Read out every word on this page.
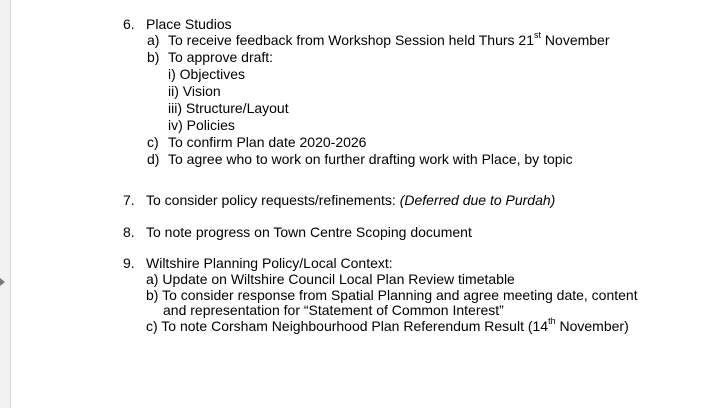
6. Place Studios
a) To receive feedback from Workshop Session held Thurs 21st November
b) To approve draft:
i) Objectives
ii) Vision
iii) Structure/Layout
iv) Policies
c) To confirm Plan date 2020-2026
d) To agree who to work on further drafting work with Place, by topic
7. To consider policy requests/refinements: (Deferred due to Purdah)
8. To note progress on Town Centre Scoping document
9. Wiltshire Planning Policy/Local Context:
a) Update on Wiltshire Council Local Plan Review timetable
b) To consider response from Spatial Planning and agree meeting date, content
and representation for “Statement of Common Interest”
c) To note Corsham Neighbourhood Plan Referendum Result (14th November)
